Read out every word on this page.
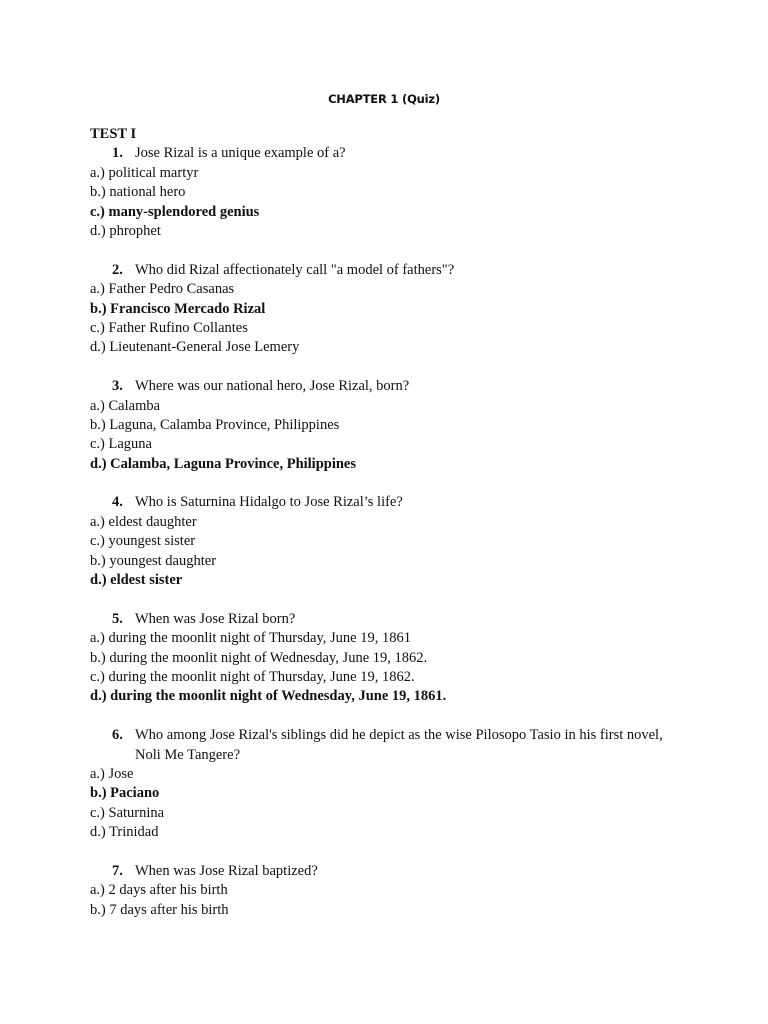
CHAPTER 1 (Quiz)
TEST I
1. Jose Rizal is a unique example of a?
a.) political martyr
b.) national hero
c.) many-splendored genius
d.) phrophet
2. Who did Rizal affectionately call "a model of fathers"?
a.) Father Pedro Casanas
b.) Francisco Mercado Rizal
c.) Father Rufino Collantes
d.) Lieutenant-General Jose Lemery
3. Where was our national hero, Jose Rizal, born?
a.) Calamba
b.) Laguna, Calamba Province, Philippines
c.) Laguna
d.) Calamba, Laguna Province, Philippines
4. Who is Saturnina Hidalgo to Jose Rizal’s life?
a.) eldest daughter
c.) youngest sister
b.) youngest daughter
d.) eldest sister
5. When was Jose Rizal born?
a.) during the moonlit night of Thursday, June 19, 1861
b.) during the moonlit night of Wednesday, June 19, 1862.
c.) during the moonlit night of Thursday, June 19, 1862.
d.) during the moonlit night of Wednesday, June 19, 1861.
6. Who among Jose Rizal's siblings did he depict as the wise Pilosopo Tasio in his first novel, Noli Me Tangere?
a.) Jose
b.) Paciano
c.) Saturnina
d.) Trinidad
7. When was Jose Rizal baptized?
a.) 2 days after his birth
b.) 7 days after his birth
